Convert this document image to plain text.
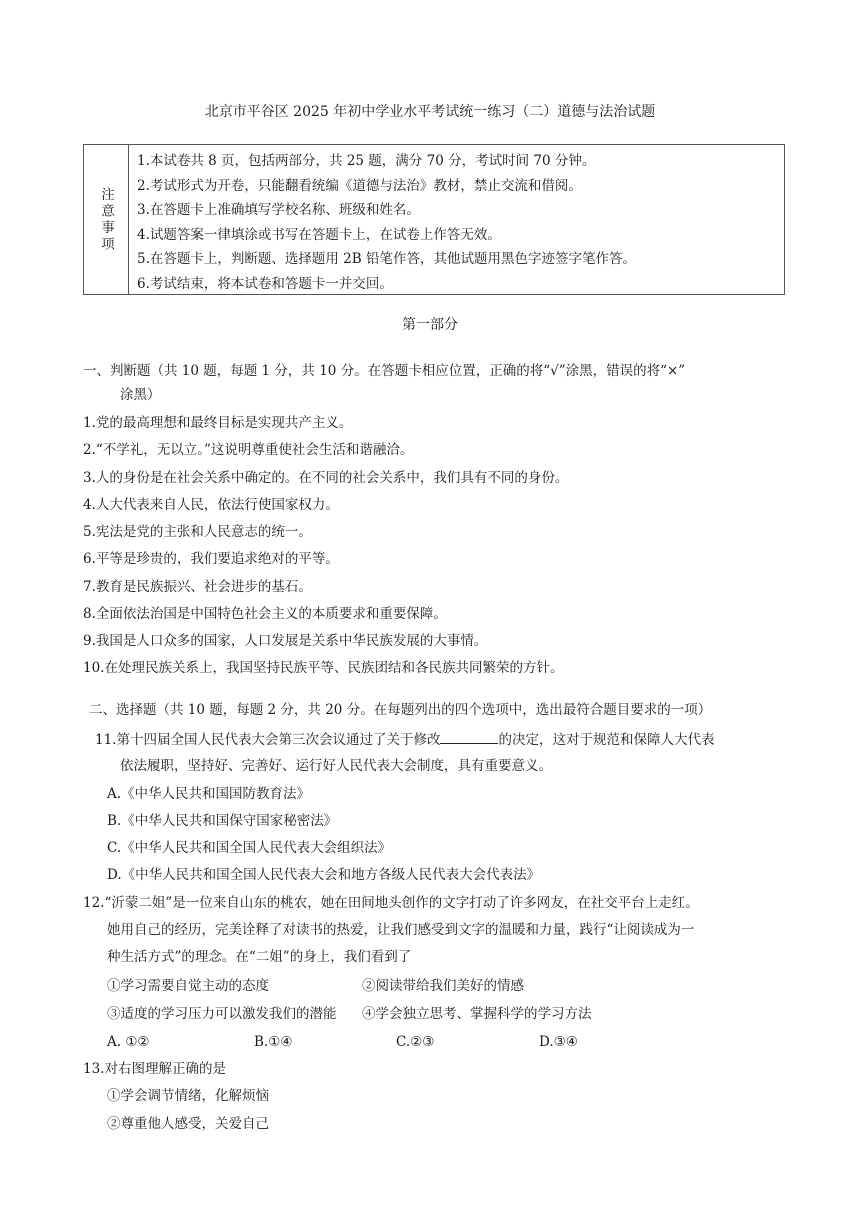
北京市平谷区 2025 年初中学业水平考试统一练习（二）道德与法治试题
注意事项
1.本试卷共 8 页，包括两部分，共 25 题，满分 70 分，考试时间 70 分钟。
2.考试形式为开卷，只能翻看统编《道德与法治》教材，禁止交流和借阅。
3.在答题卡上准确填写学校名称、班级和姓名。
4.试题答案一律填涂或书写在答题卡上，在试卷上作答无效。
5.在答题卡上，判断题、选择题用 2B 铅笔作答，其他试题用黑色字迹签字笔作答。
6.考试结束，将本试卷和答题卡一并交回。
第一部分
一、判断题（共 10 题，每题 1 分，共 10 分。在答题卡相应位置，正确的将“√”涂黑，错误的将“×”
涂黑）
1.党的最高理想和最终目标是实现共产主义。
2.“不学礼，无以立。”这说明尊重使社会生活和谐融洽。
3.人的身份是在社会关系中确定的。在不同的社会关系中，我们具有不同的身份。
4.人大代表来自人民，依法行使国家权力。
5.宪法是党的主张和人民意志的统一。
6.平等是珍贵的，我们要追求绝对的平等。
7.教育是民族振兴、社会进步的基石。
8.全面依法治国是中国特色社会主义的本质要求和重要保障。
9.我国是人口众多的国家，人口发展是关系中华民族发展的大事情。
10.在处理民族关系上，我国坚持民族平等、民族团结和各民族共同繁荣的方针。
二、选择题（共 10 题，每题 2 分，共 20 分。在每题列出的四个选项中，选出最符合题目要求的一项）
11.第十四届全国人民代表大会第三次会议通过了关于修改	的决定，这对于规范和保障人大代表
依法履职，坚持好、完善好、运行好人民代表大会制度，具有重要意义。
A.《中华人民共和国国防教育法》
B.《中华人民共和国保守国家秘密法》
C.《中华人民共和国全国人民代表大会组织法》
D.《中华人民共和国全国人民代表大会和地方各级人民代表大会代表法》
12.“沂蒙二姐”是一位来自山东的桃农，她在田间地头创作的文字打动了许多网友，在社交平台上走红。
她用自己的经历，完美诠释了对读书的热爱，让我们感受到文字的温暖和力量，践行“让阅读成为一
种生活方式”的理念。在“二姐”的身上，我们看到了
①学习需要自觉主动的态度	②阅读带给我们美好的情感
③适度的学习压力可以激发我们的潜能 ④学会独立思考、掌握科学的学习方法
A. ①②	B.①④	C.②③	D.③④
13.对右图理解正确的是
①学会调节情绪，化解烦恼
②尊重他人感受，关爱自己
